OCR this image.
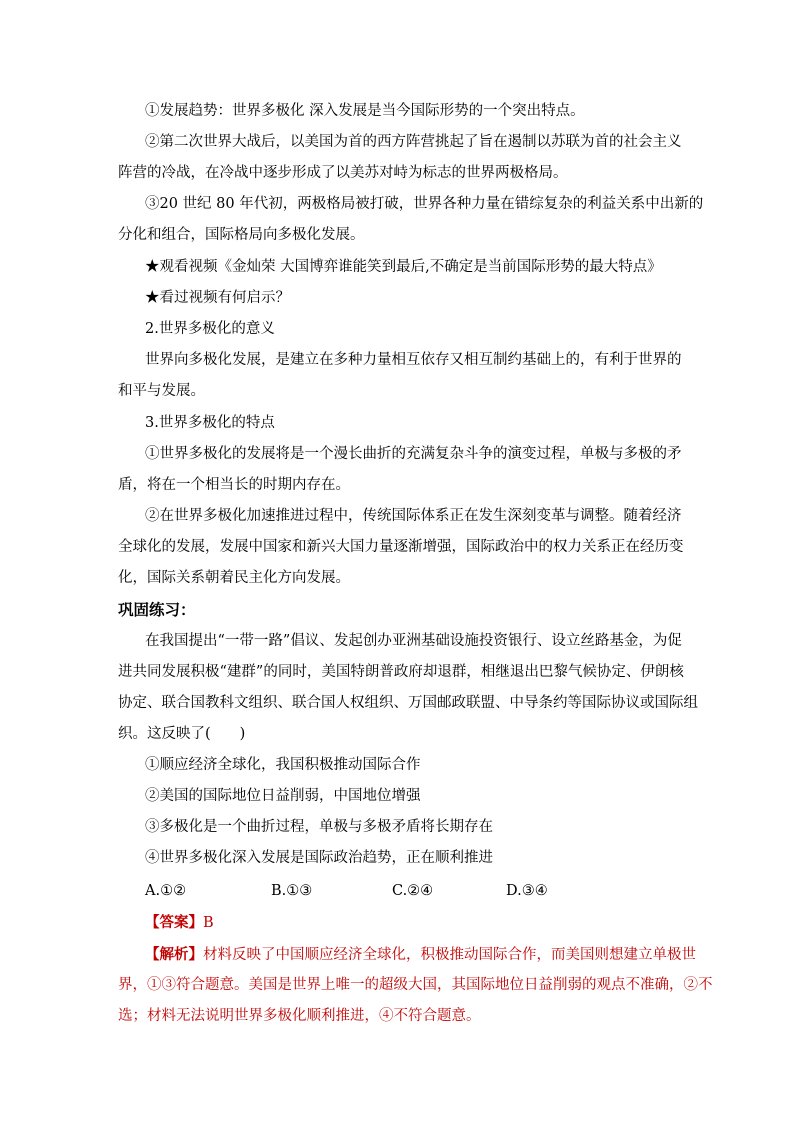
①发展趋势：世界多极化 深入发展是当今国际形势的一个突出特点。

②第二次世界大战后，以美国为首的西方阵营挑起了旨在遏制以苏联为首的社会主义

阵营的冷战，在冷战中逐步形成了以美苏对峙为标志的世界两极格局。

③20 世纪 80 年代初，两极格局被打破，世界各种力量在错综复杂的利益关系中出新的

分化和组合，国际格局向多极化发展。

★观看视频《金灿荣 大国博弈谁能笑到最后,不确定是当前国际形势的最大特点》

★看过视频有何启示？

2.世界多极化的意义

世界向多极化发展，是建立在多种力量相互依存又相互制约基础上的，有利于世界的

和平与发展。

3.世界多极化的特点

①世界多极化的发展将是一个漫长曲折的充满复杂斗争的演变过程，单极与多极的矛

盾，将在一个相当长的时期内存在。

②在世界多极化加速推进过程中，传统国际体系正在发生深刻变革与调整。随着经济

全球化的发展，发展中国家和新兴大国力量逐渐增强，国际政治中的权力关系正在经历变

化，国际关系朝着民主化方向发展。

巩固练习：

在我国提出“一带一路”倡议、发起创办亚洲基础设施投资银行、设立丝路基金，为促

进共同发展积极“建群”的同时，美国特朗普政府却退群，相继退出巴黎气候协定、伊朗核

协定、联合国教科文组织、联合国人权组织、万国邮政联盟、中导条约等国际协议或国际组

织。这反映了(　　)

①顺应经济全球化，我国积极推动国际合作

②美国的国际地位日益削弱，中国地位增强

③多极化是一个曲折过程，单极与多极矛盾将长期存在

④世界多极化深入发展是国际政治趋势，正在顺利推进

A.①②	B.①③	C.②④	D.③④

【答案】B

【解析】材料反映了中国顺应经济全球化，积极推动国际合作，而美国则想建立单极世

界，①③符合题意。美国是世界上唯一的超级大国，其国际地位日益削弱的观点不准确，②不

选；材料无法说明世界多极化顺利推进，④不符合题意。
